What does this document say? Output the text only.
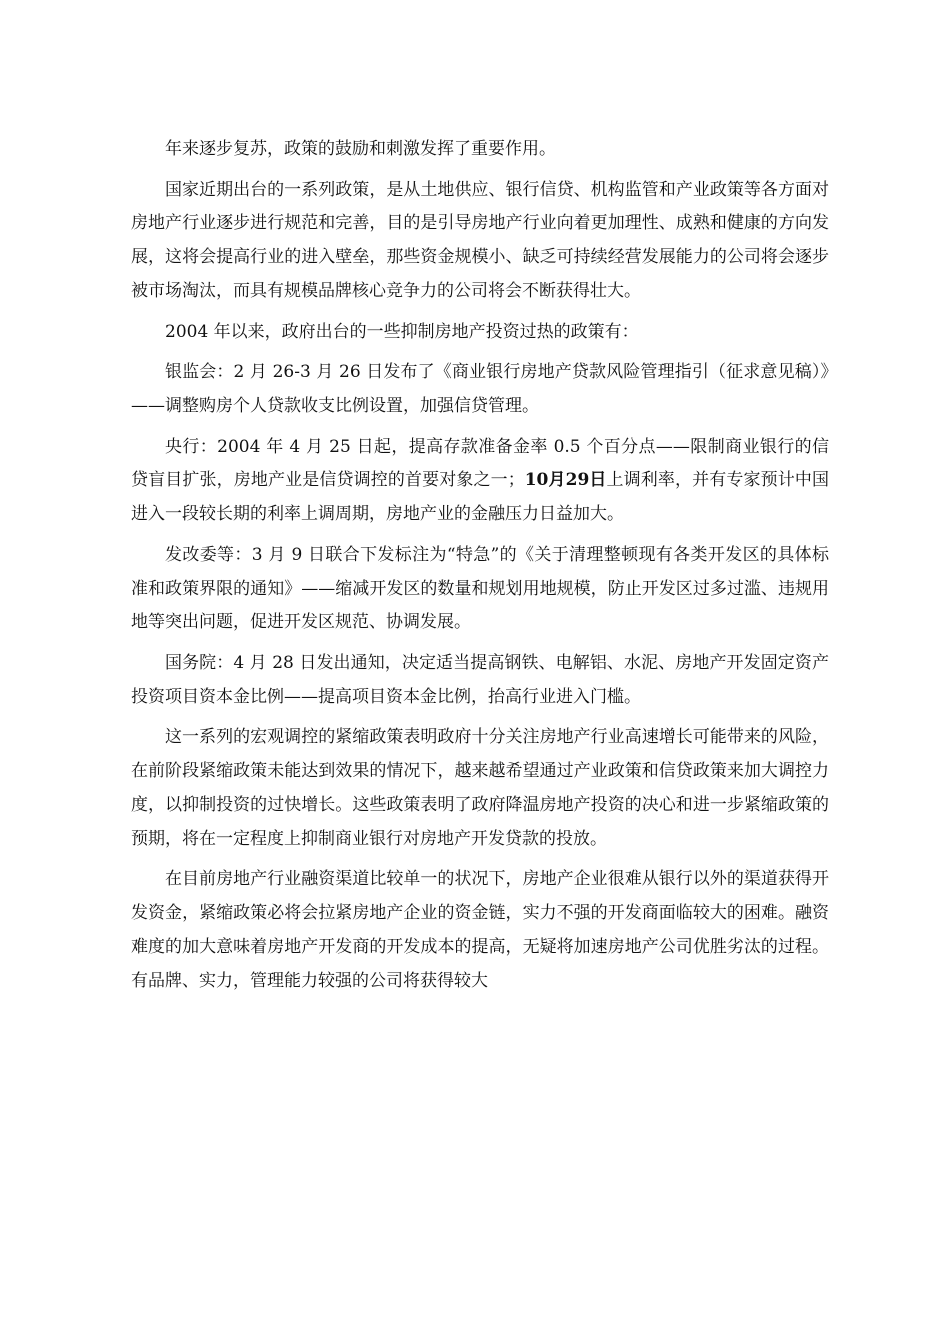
年来逐步复苏，政策的鼓励和刺激发挥了重要作用。

国家近期出台的一系列政策，是从土地供应、银行信贷、机构监管和产业政策等各方面对房地产行业逐步进行规范和完善，目的是引导房地产行业向着更加理性、成熟和健康的方向发展，这将会提高行业的进入壁垒，那些资金规模小、缺乏可持续经营发展能力的公司将会逐步被市场淘汰，而具有规模品牌核心竞争力的公司将会不断获得壮大。

2004 年以来，政府出台的一些抑制房地产投资过热的政策有：

银监会：2 月 26-3 月 26 日发布了《商业银行房地产贷款风险管理指引（征求意见稿）》——调整购房个人贷款收支比例设置，加强信贷管理。

央行：2004 年 4 月 25 日起，提高存款准备金率 0.5 个百分点——限制商业银行的信贷盲目扩张，房地产业是信贷调控的首要对象之一；10月29日上调利率，并有专家预计中国进入一段较长期的利率上调周期，房地产业的金融压力日益加大。

发改委等：3 月 9 日联合下发标注为“特急”的《关于清理整顿现有各类开发区的具体标准和政策界限的通知》——缩减开发区的数量和规划用地规模，防止开发区过多过滥、违规用地等突出问题，促进开发区规范、协调发展。

国务院：4 月 28 日发出通知，决定适当提高钢铁、电解铝、水泥、房地产开发固定资产投资项目资本金比例——提高项目资本金比例，抬高行业进入门槛。

这一系列的宏观调控的紧缩政策表明政府十分关注房地产行业高速增长可能带来的风险，在前阶段紧缩政策未能达到效果的情况下，越来越希望通过产业政策和信贷政策来加大调控力度，以抑制投资的过快增长。这些政策表明了政府降温房地产投资的决心和进一步紧缩政策的预期，将在一定程度上抑制商业银行对房地产开发贷款的投放。

在目前房地产行业融资渠道比较单一的状况下，房地产企业很难从银行以外的渠道获得开发资金，紧缩政策必将会拉紧房地产企业的资金链，实力不强的开发商面临较大的困难。融资难度的加大意味着房地产开发商的开发成本的提高，无疑将加速房地产公司优胜劣汰的过程。有品牌、实力，管理能力较强的公司将获得较大
